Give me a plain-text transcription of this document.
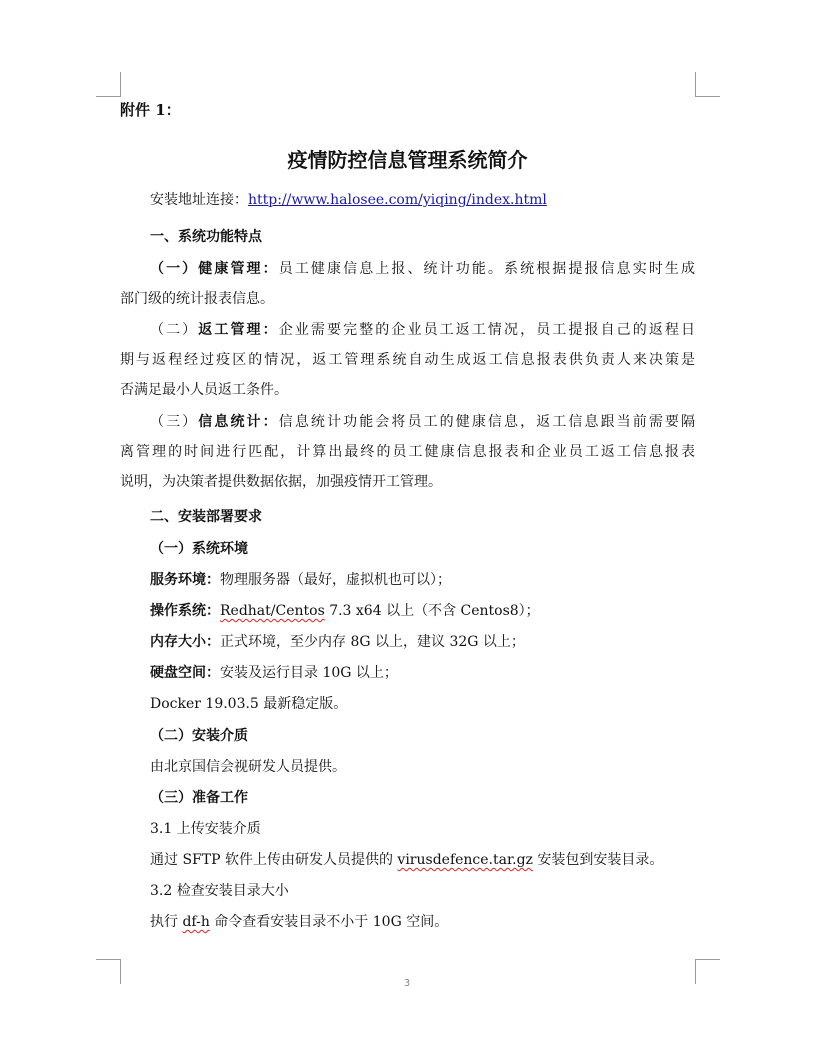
附件 1：
疫情防控信息管理系统简介
安装地址连接：http://www.halosee.com/yiqing/index.html
一、系统功能特点
（一）健康管理：员工健康信息上报、统计功能。系统根据提报信息实时生成
部门级的统计报表信息。
（二）返工管理：企业需要完整的企业员工返工情况，员工提报自己的返程日
期与返程经过疫区的情况，返工管理系统自动生成返工信息报表供负责人来决策是
否满足最小人员返工条件。
（三）信息统计：信息统计功能会将员工的健康信息，返工信息跟当前需要隔
离管理的时间进行匹配，计算出最终的员工健康信息报表和企业员工返工信息报表
说明，为决策者提供数据依据，加强疫情开工管理。
二、安装部署要求
（一）系统环境
服务环境：物理服务器（最好，虚拟机也可以）；
操作系统：Redhat/Centos 7.3 x64 以上（不含 Centos8）；
内存大小：正式环境，至少内存 8G 以上，建议 32G 以上；
硬盘空间：安装及运行目录 10G 以上；
Docker 19.03.5 最新稳定版。
（二）安装介质
由北京国信会视研发人员提供。
（三）准备工作
3.1 上传安装介质
通过 SFTP 软件上传由研发人员提供的 virusdefence.tar.gz 安装包到安装目录。
3.2 检查安装目录大小
执行 df-h 命令查看安装目录不小于 10G 空间。
3
